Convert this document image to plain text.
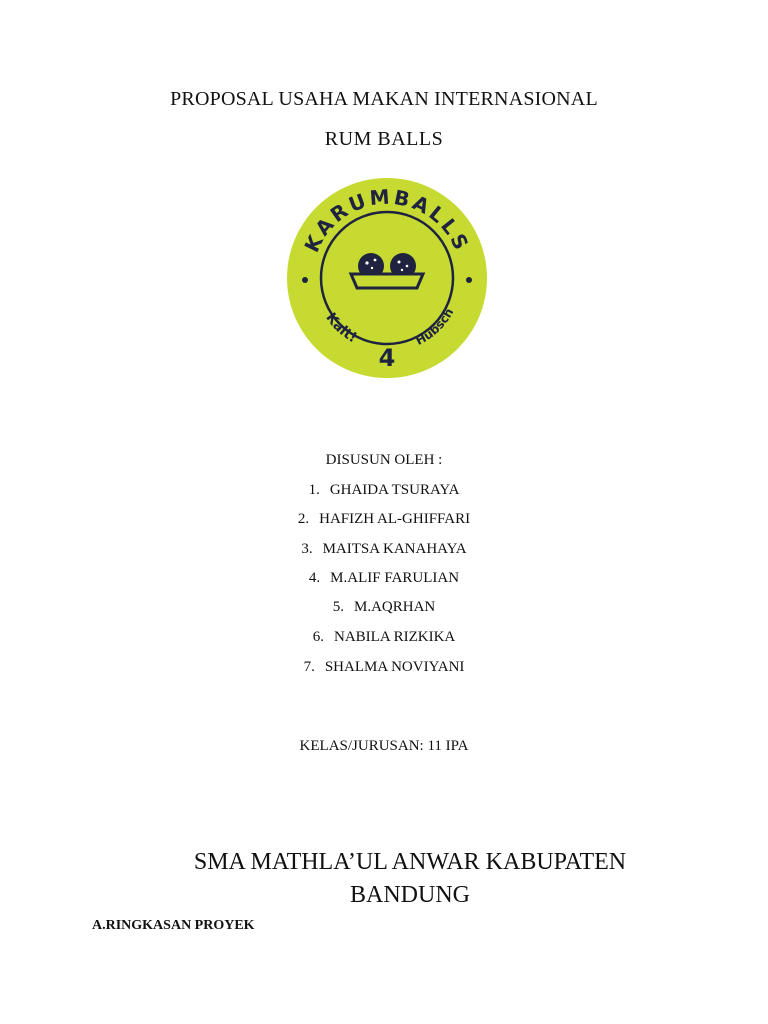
PROPOSAL USAHA MAKAN INTERNASIONAL
RUM BALLS
KARUMBALLS
Kalt!	Hübsch
4
DISUSUN OLEH :
1. GHAIDA TSURAYA
2. HAFIZH AL-GHIFFARI
3. MAITSA KANAHAYA
4. M.ALIF FARULIAN
5. M.AQRHAN
6. NABILA RIZKIKA
7. SHALMA NOVIYANI
KELAS/JURUSAN: 11 IPA
SMA MATHLA’UL ANWAR KABUPATEN
BANDUNG
A.RINGKASAN PROYEK
